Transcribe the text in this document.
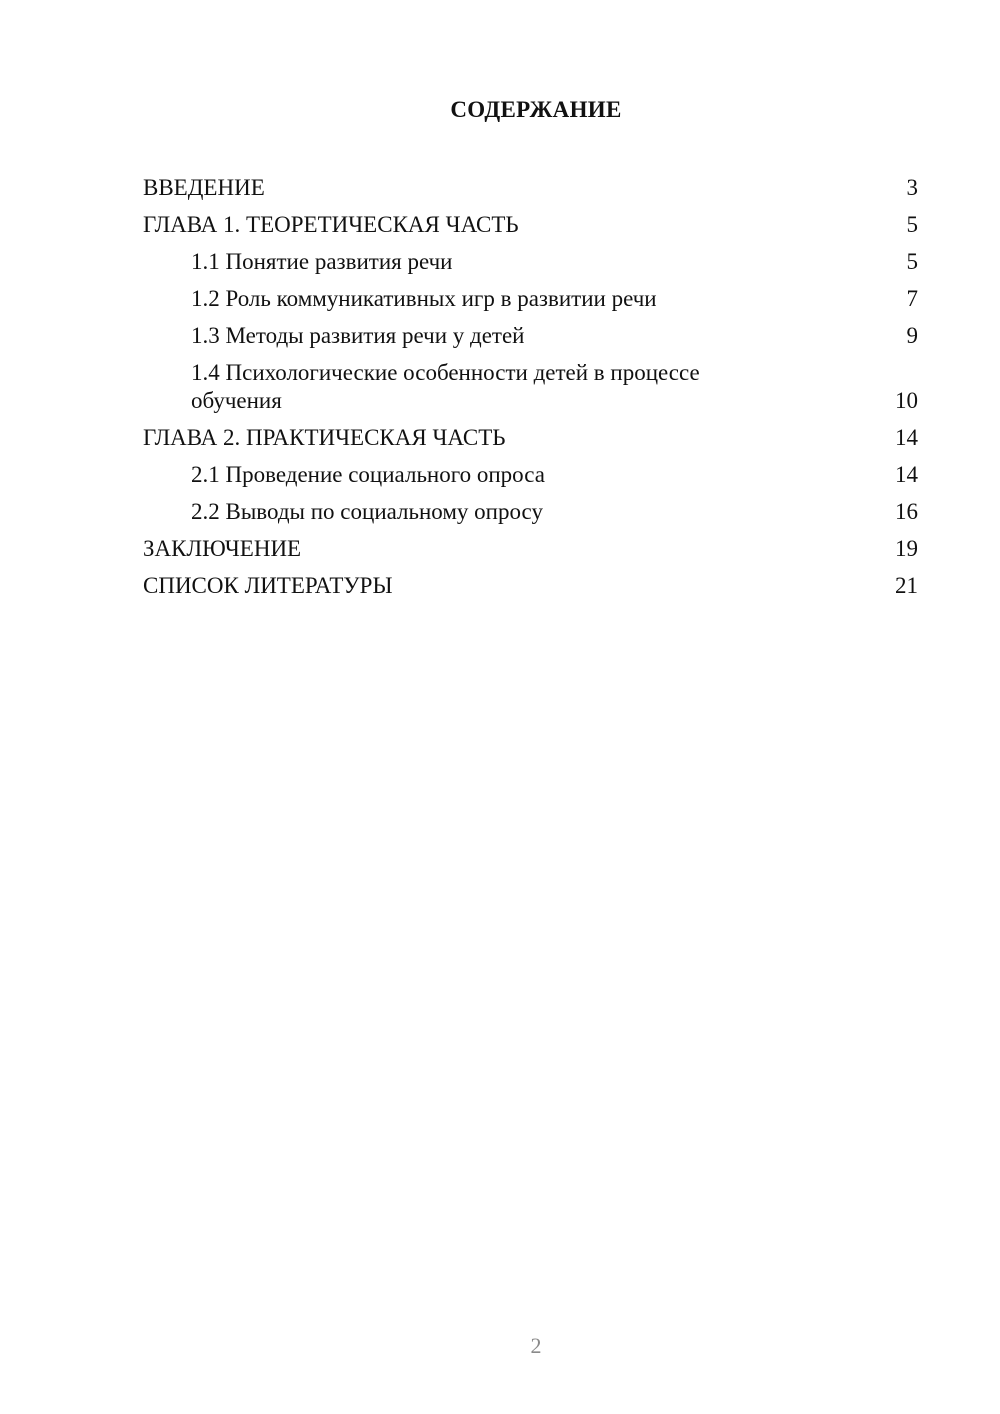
СОДЕРЖАНИЕ
ВВЕДЕНИЕ	3
ГЛАВА 1. ТЕОРЕТИЧЕСКАЯ ЧАСТЬ	5
1.1 Понятие развития речи	5
1.2 Роль коммуникативных игр в развитии речи	7
1.3 Методы развития речи у детей	9
1.4 Психологические особенности детей в процессе обучения	10
ГЛАВА 2. ПРАКТИЧЕСКАЯ ЧАСТЬ	14
2.1 Проведение социального опроса	14
2.2 Выводы по социальному опросу	16
ЗАКЛЮЧЕНИЕ	19
СПИСОК ЛИТЕРАТУРЫ	21
2
